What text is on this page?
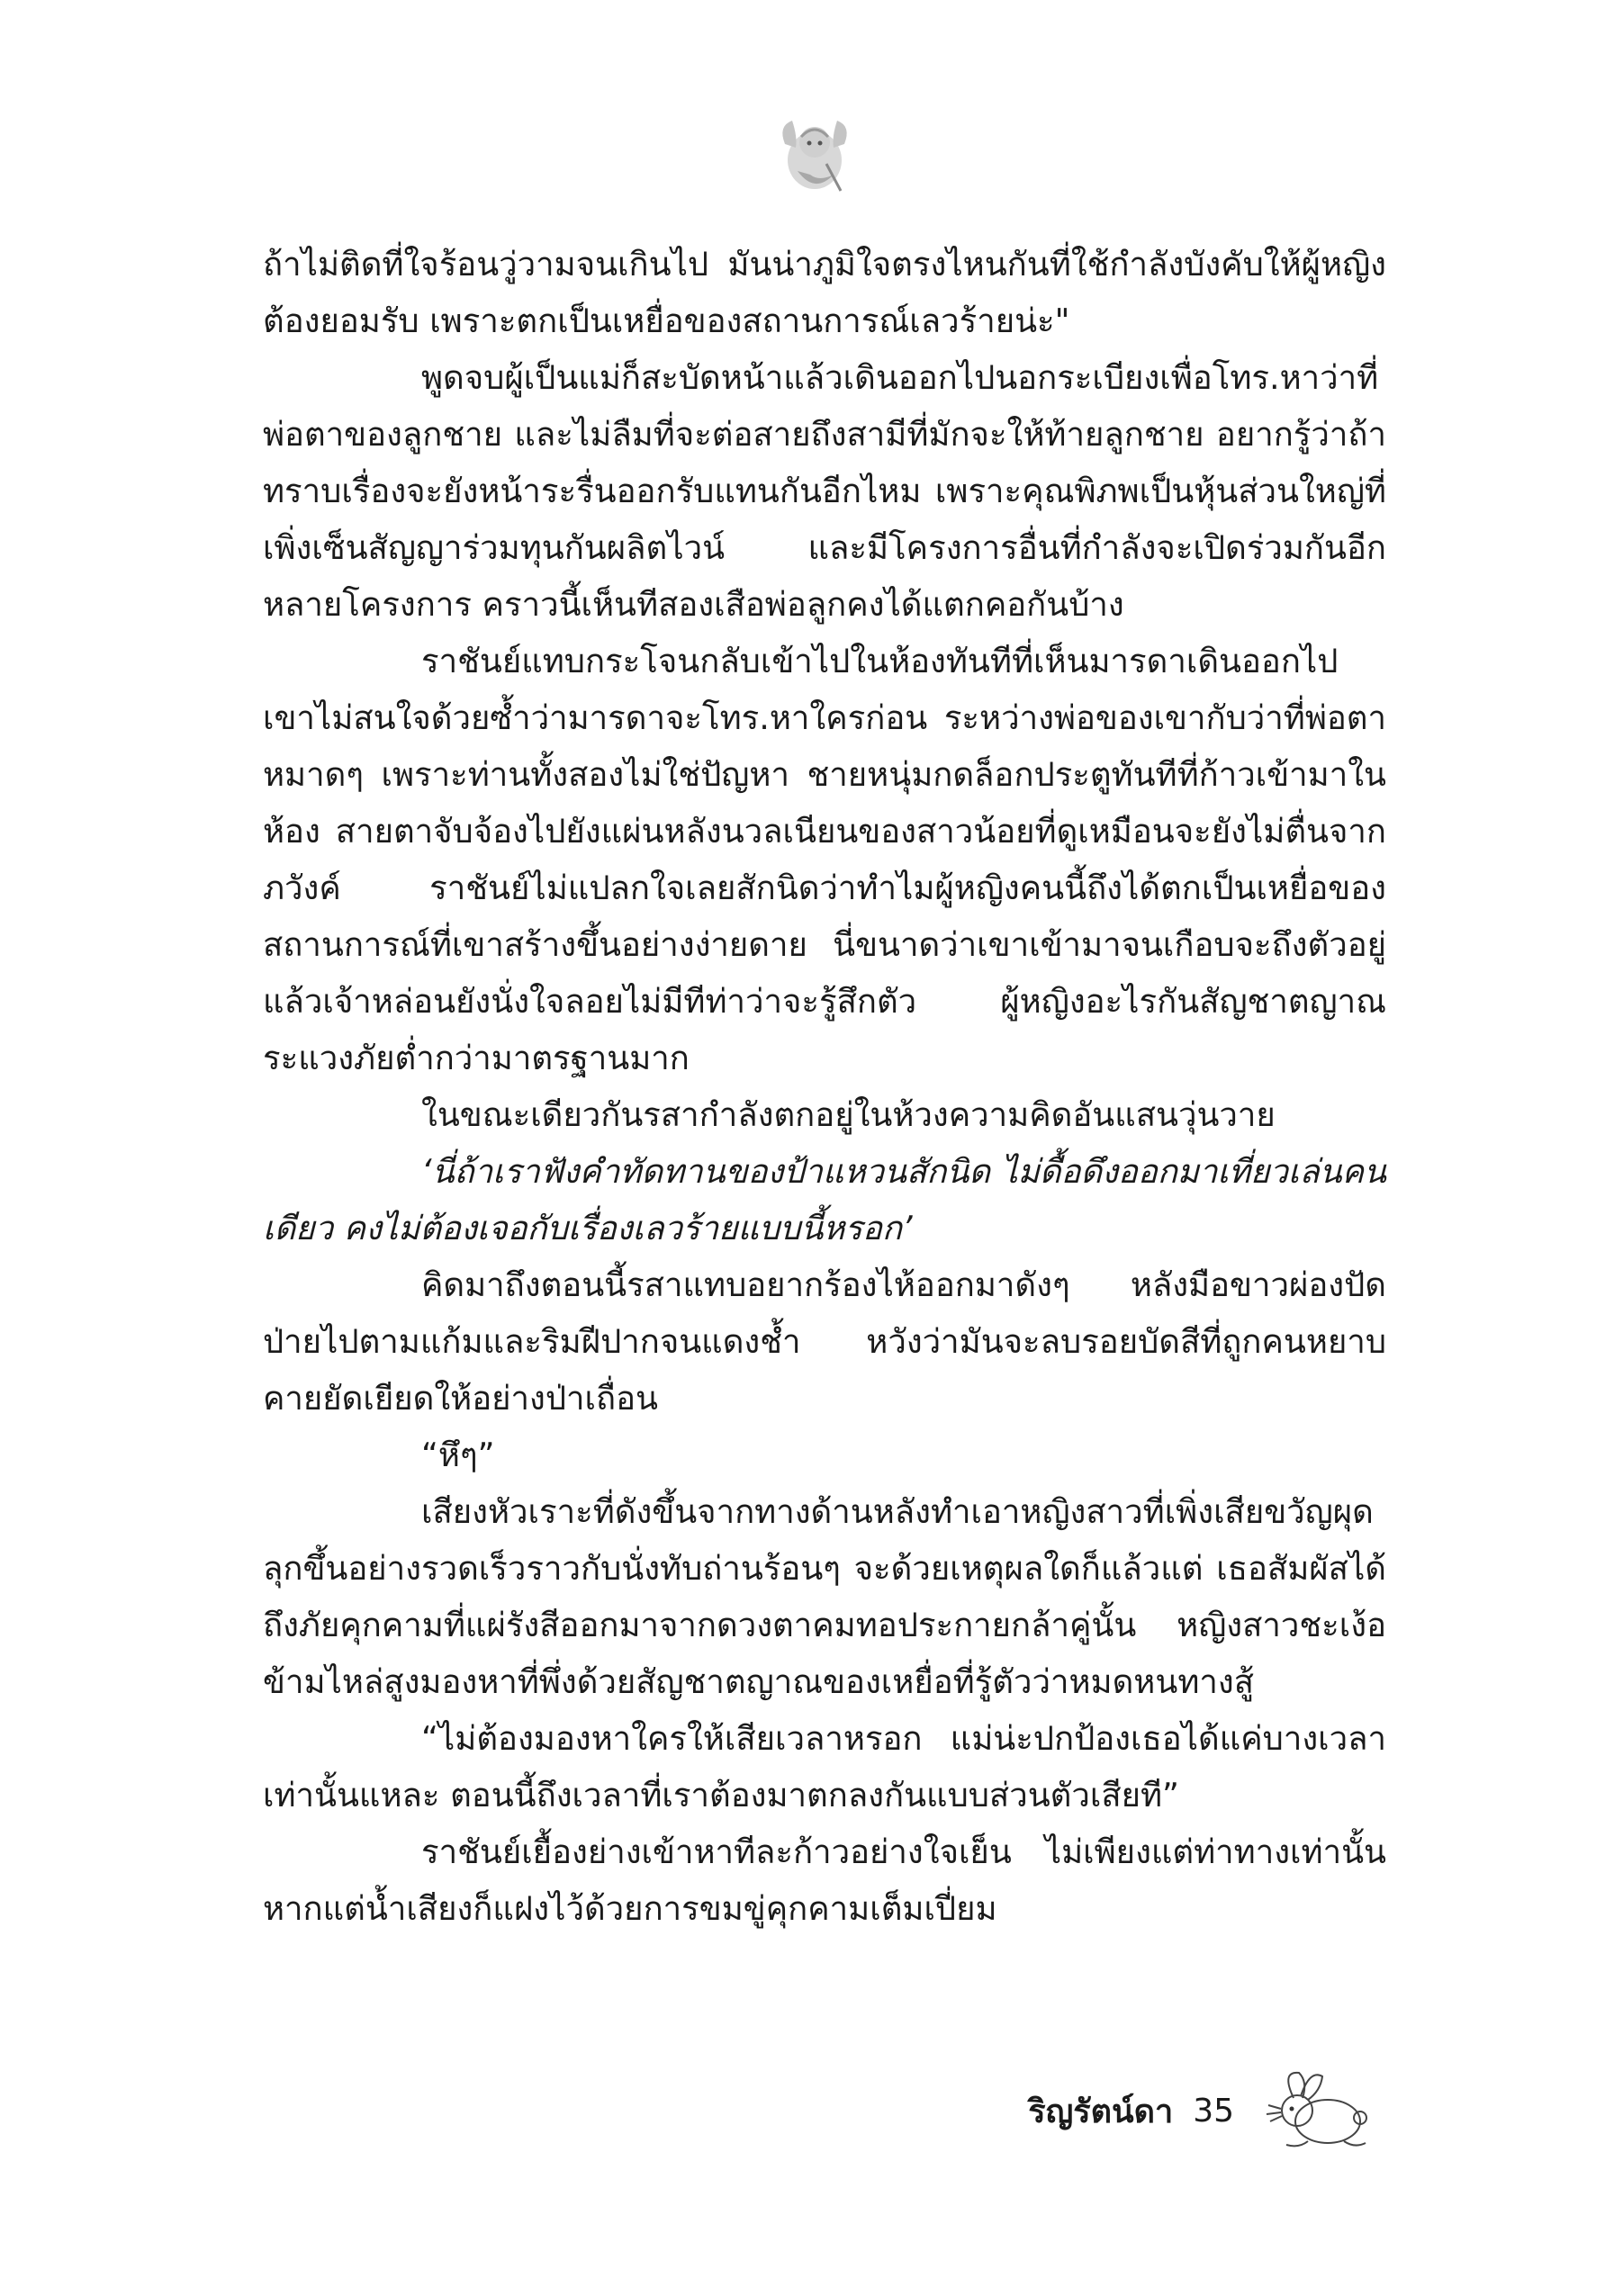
ถ้าไม่ติดที่ใจร้อนวู่วามจนเกินไป มันน่าภูมิใจตรงไหนกันที่ใช้กำลังบังคับให้ผู้หญิงต้องยอมรับ เพราะตกเป็นเหยื่อของสถานการณ์เลวร้ายน่ะ"

พูดจบผู้เป็นแม่ก็สะบัดหน้าแล้วเดินออกไปนอกระเบียงเพื่อโทร.หาว่าที่พ่อตาของลูกชาย และไม่ลืมที่จะต่อสายถึงสามีที่มักจะให้ท้ายลูกชาย อยากรู้ว่าถ้าทราบเรื่องจะยังหน้าระรื่นออกรับแทนกันอีกไหม เพราะคุณพิภพเป็นหุ้นส่วนใหญ่ที่เพิ่งเซ็นสัญญาร่วมทุนกันผลิตไวน์ และมีโครงการอื่นที่กำลังจะเปิดร่วมกันอีกหลายโครงการ คราวนี้เห็นทีสองเสือพ่อลูกคงได้แตกคอกันบ้าง

ราชันย์แทบกระโจนกลับเข้าไปในห้องทันทีที่เห็นมารดาเดินออกไป เขาไม่สนใจด้วยซ้ำว่ามารดาจะโทร.หาใครก่อน ระหว่างพ่อของเขากับว่าที่พ่อตาหมาดๆ เพราะท่านทั้งสองไม่ใช่ปัญหา ชายหนุ่มกดล็อกประตูทันทีที่ก้าวเข้ามาในห้อง สายตาจับจ้องไปยังแผ่นหลังนวลเนียนของสาวน้อยที่ดูเหมือนจะยังไม่ตื่นจากภวังค์ ราชันย์ไม่แปลกใจเลยสักนิดว่าทำไมผู้หญิงคนนี้ถึงได้ตกเป็นเหยื่อของสถานการณ์ที่เขาสร้างขึ้นอย่างง่ายดาย นี่ขนาดว่าเขาเข้ามาจนเกือบจะถึงตัวอยู่แล้วเจ้าหล่อนยังนั่งใจลอยไม่มีทีท่าว่าจะรู้สึกตัว ผู้หญิงอะไรกันสัญชาตญาณระแวงภัยต่ำกว่ามาตรฐานมาก

ในขณะเดียวกันรสากำลังตกอยู่ในห้วงความคิดอันแสนวุ่นวาย

‘นี่ถ้าเราฟังคำทัดทานของป้าแหวนสักนิด ไม่ดื้อดึงออกมาเที่ยวเล่นคนเดียว คงไม่ต้องเจอกับเรื่องเลวร้ายแบบนี้หรอก’

คิดมาถึงตอนนี้รสาแทบอยากร้องไห้ออกมาดังๆ หลังมือขาวผ่องปัดป่ายไปตามแก้มและริมฝีปากจนแดงช้ำ หวังว่ามันจะลบรอยบัดสีที่ถูกคนหยาบคายยัดเยียดให้อย่างป่าเถื่อน

“หึๆ”

เสียงหัวเราะที่ดังขึ้นจากทางด้านหลังทำเอาหญิงสาวที่เพิ่งเสียขวัญผุดลุกขึ้นอย่างรวดเร็วราวกับนั่งทับถ่านร้อนๆ จะด้วยเหตุผลใดก็แล้วแต่ เธอสัมผัสได้ถึงภัยคุกคามที่แผ่รังสีออกมาจากดวงตาคมทอประกายกล้าคู่นั้น หญิงสาวชะเง้อข้ามไหล่สูงมองหาที่พึ่งด้วยสัญชาตญาณของเหยื่อที่รู้ตัวว่าหมดหนทางสู้

“ไม่ต้องมองหาใครให้เสียเวลาหรอก แม่น่ะปกป้องเธอได้แค่บางเวลาเท่านั้นแหละ ตอนนี้ถึงเวลาที่เราต้องมาตกลงกันแบบส่วนตัวเสียที”

ราชันย์เยื้องย่างเข้าหาทีละก้าวอย่างใจเย็น ไม่เพียงแต่ท่าทางเท่านั้นหากแต่น้ำเสียงก็แฝงไว้ด้วยการขมขู่คุกคามเต็มเปี่ยม

ริญรัตน์ดา 35
